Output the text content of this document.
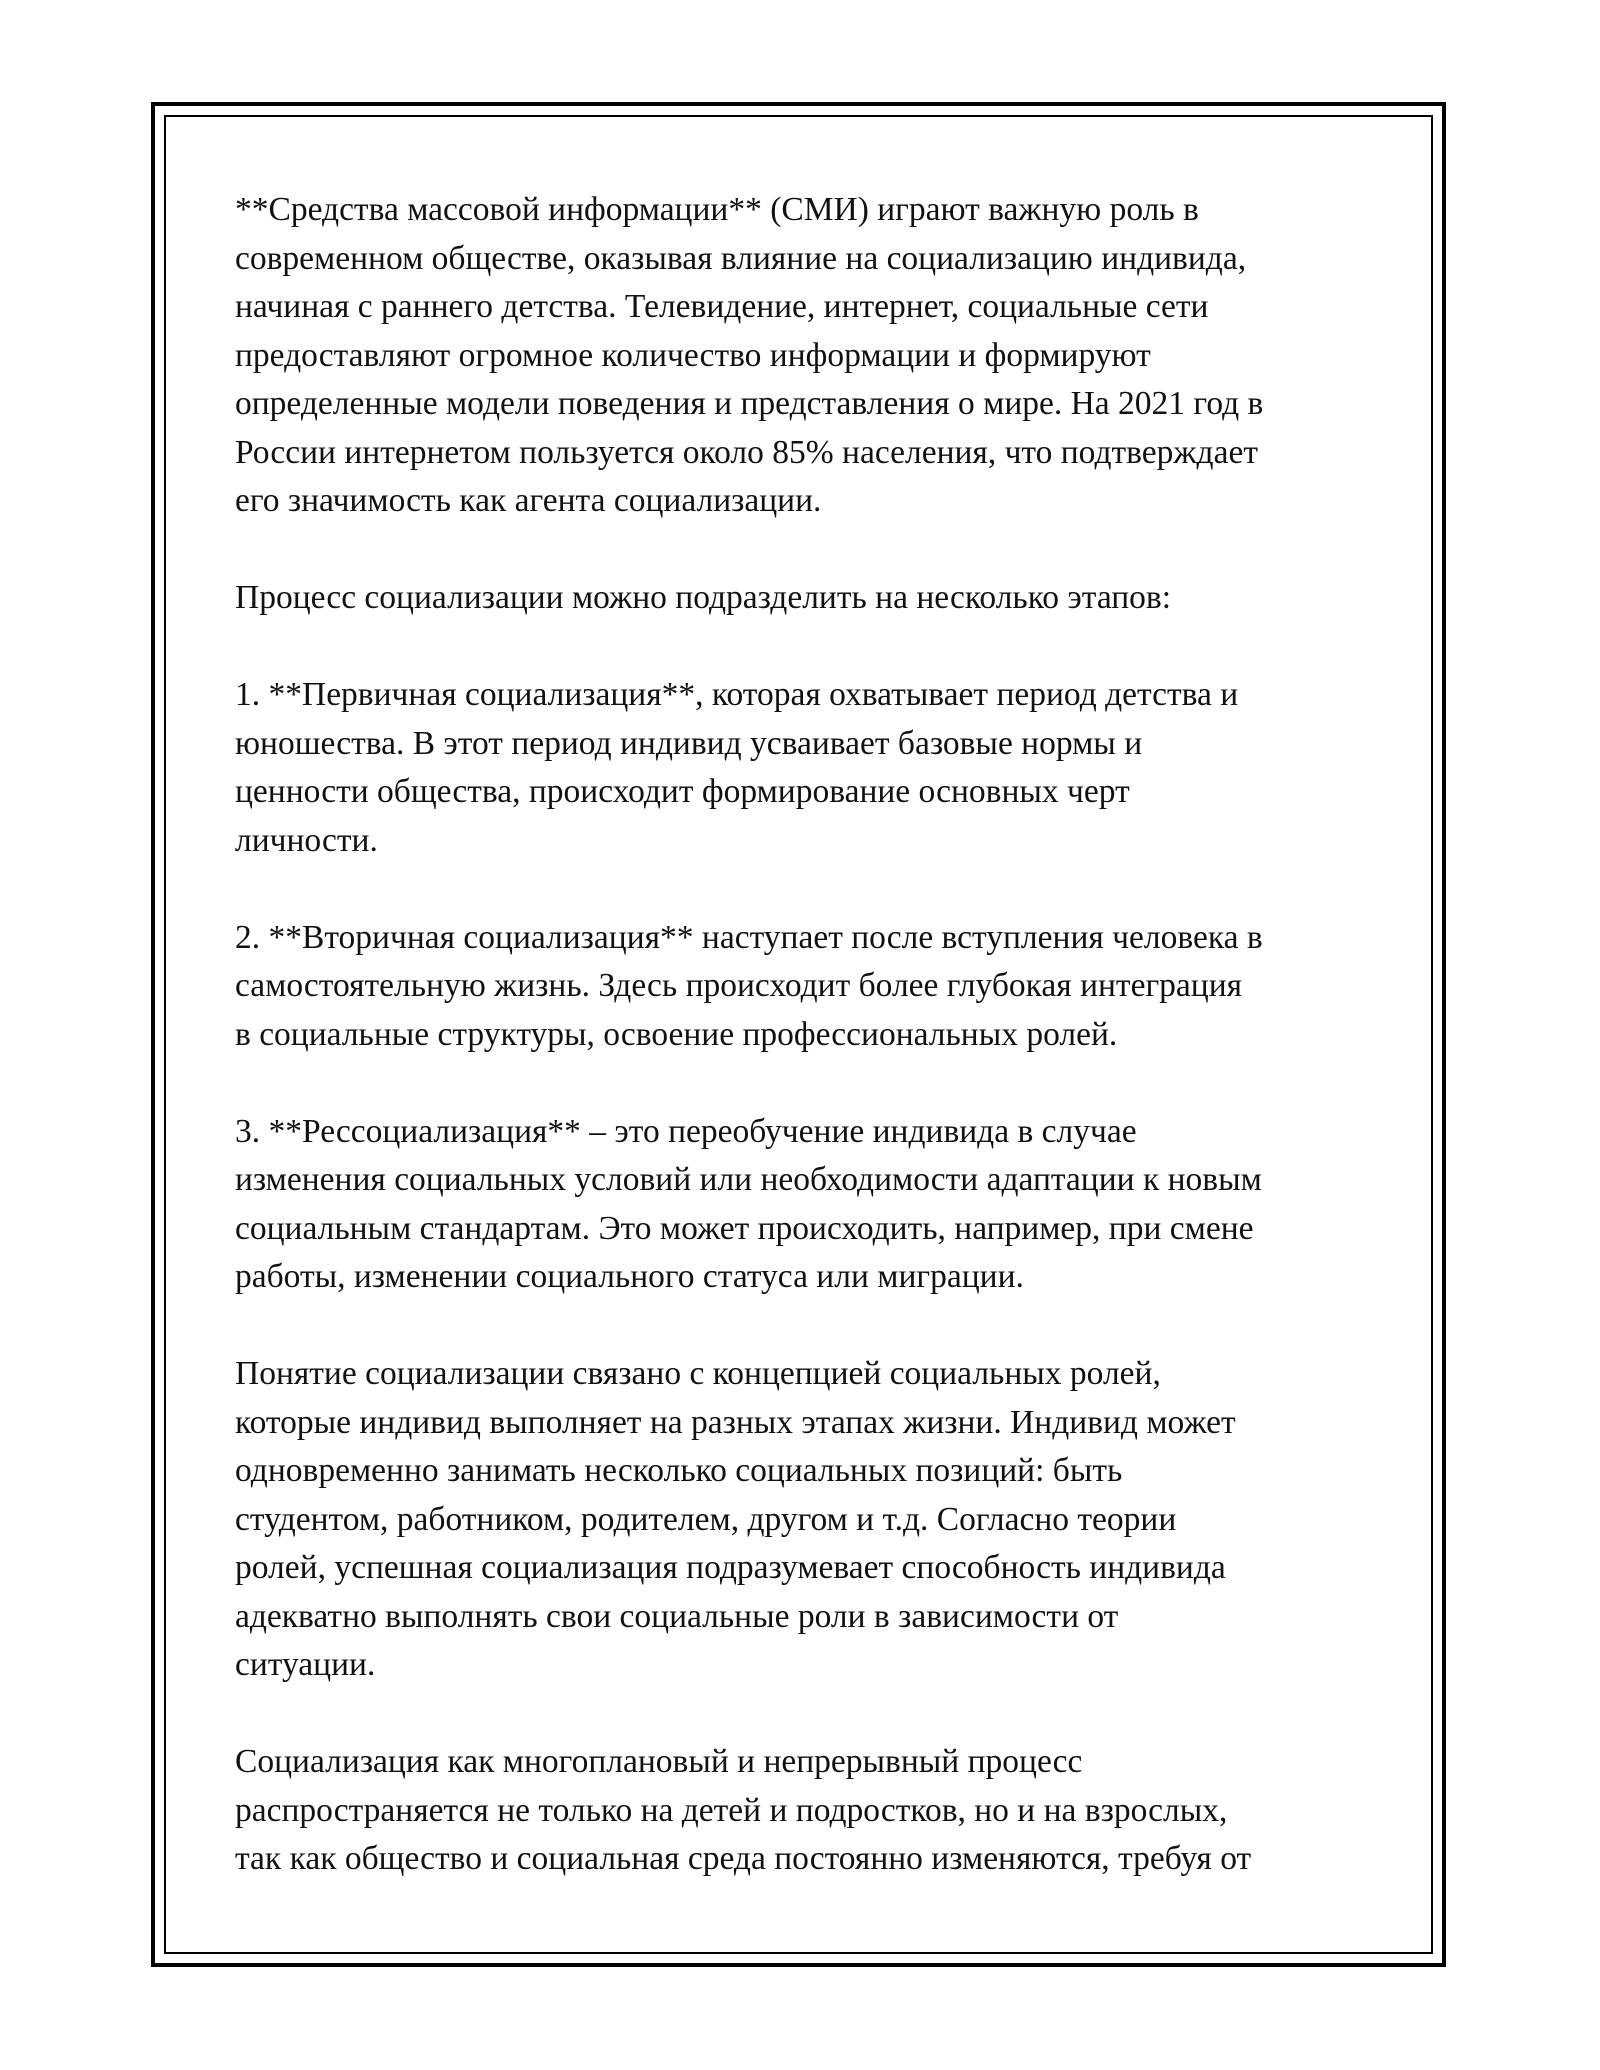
**Средства массовой информации** (СМИ) играют важную роль в
современном обществе, оказывая влияние на социализацию индивида,
начиная с раннего детства. Телевидение, интернет, социальные сети
предоставляют огромное количество информации и формируют
определенные модели поведения и представления о мире. На 2021 год в
России интернетом пользуется около 85% населения, что подтверждает
его значимость как агента социализации.

Процесс социализации можно подразделить на несколько этапов:

1. **Первичная социализация**, которая охватывает период детства и
юношества. В этот период индивид усваивает базовые нормы и
ценности общества, происходит формирование основных черт
личности.

2. **Вторичная социализация** наступает после вступления человека в
самостоятельную жизнь. Здесь происходит более глубокая интеграция
в социальные структуры, освоение профессиональных ролей.

3. **Рессоциализация** – это переобучение индивида в случае
изменения социальных условий или необходимости адаптации к новым
социальным стандартам. Это может происходить, например, при смене
работы, изменении социального статуса или миграции.

Понятие социализации связано с концепцией социальных ролей,
которые индивид выполняет на разных этапах жизни. Индивид может
одновременно занимать несколько социальных позиций: быть
студентом, работником, родителем, другом и т.д. Согласно теории
ролей, успешная социализация подразумевает способность индивида
адекватно выполнять свои социальные роли в зависимости от
ситуации.

Социализация как многоплановый и непрерывный процесс
распространяется не только на детей и подростков, но и на взрослых,
так как общество и социальная среда постоянно изменяются, требуя от
